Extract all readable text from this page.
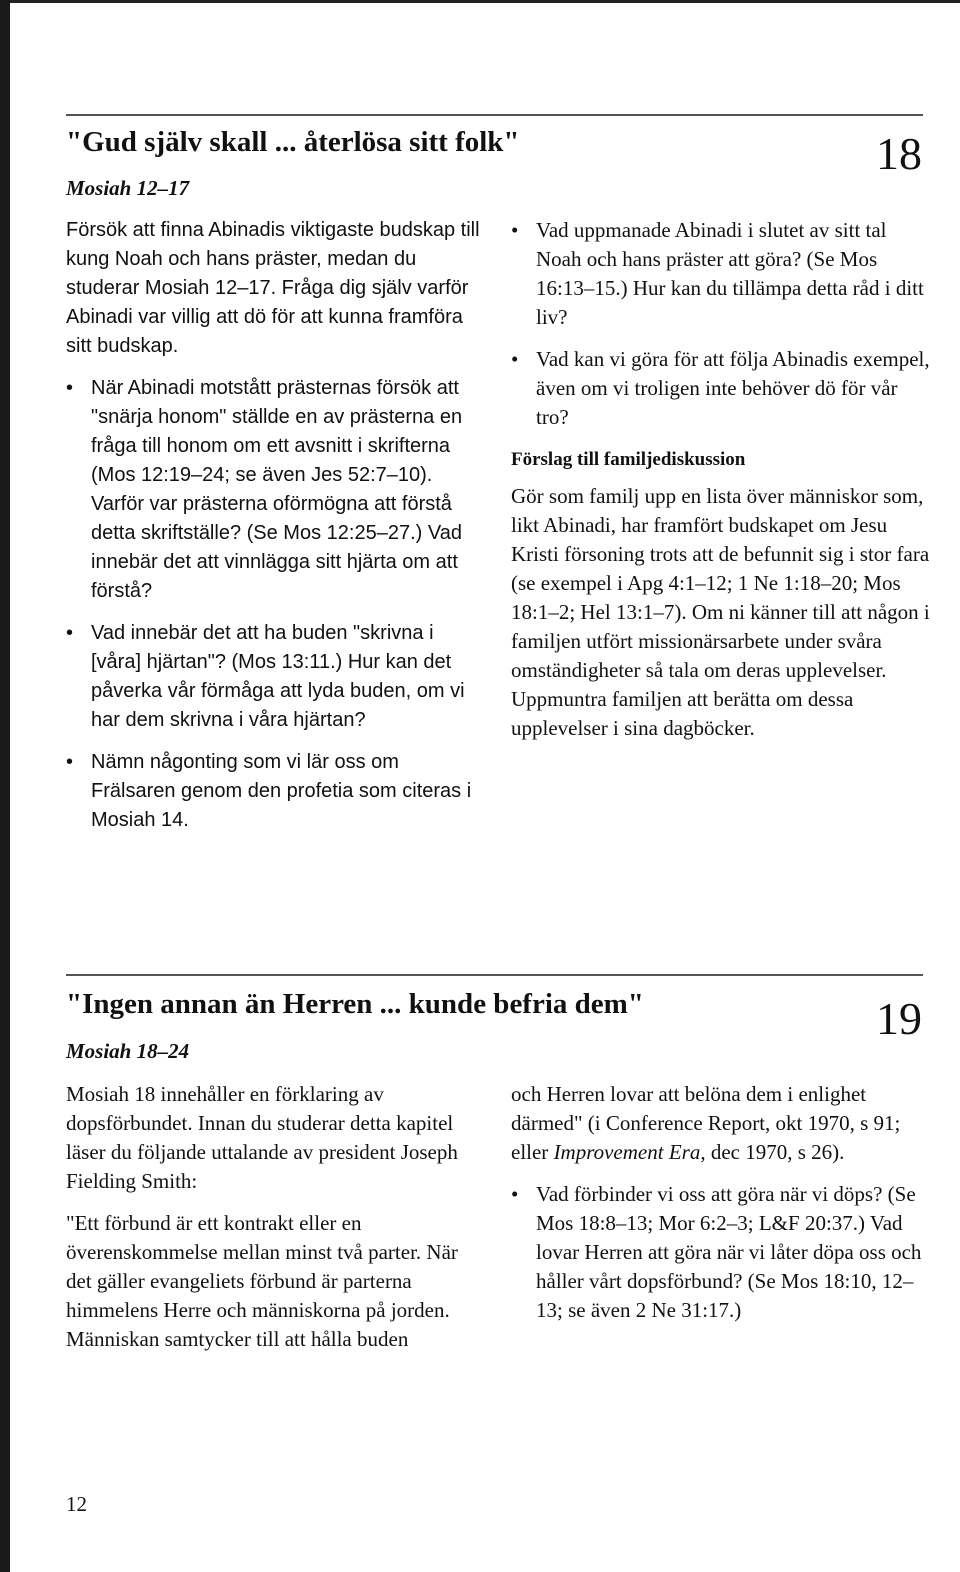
"Gud själv skall ... återlösa sitt folk"	18
Mosiah 12–17

Försök att finna Abinadis viktigaste budskap till kung Noah och hans präster, medan du studerar Mosiah 12–17. Fråga dig själv varför Abinadi var villig att dö för att kunna framföra sitt budskap.

• När Abinadi motstått prästernas försök att "snärja honom" ställde en av prästerna en fråga till honom om ett avsnitt i skrifterna (Mos 12:19–24; se även Jes 52:7–10). Varför var prästerna oförmögna att förstå detta skriftställe? (Se Mos 12:25–27.) Vad innebär det att vinnlägga sitt hjärta om att förstå?

• Vad innebär det att ha buden "skrivna i [våra] hjärtan"? (Mos 13:11.) Hur kan det påverka vår förmåga att lyda buden, om vi har dem skrivna i våra hjärtan?

• Nämn någonting som vi lär oss om Frälsaren genom den profetia som citeras i Mosiah 14.

• Vad uppmanade Abinadi i slutet av sitt tal Noah och hans präster att göra? (Se Mos 16:13–15.) Hur kan du tillämpa detta råd i ditt liv?

• Vad kan vi göra för att följa Abinadis exempel, även om vi troligen inte behöver dö för vår tro?

Förslag till familjediskussion

Gör som familj upp en lista över människor som, likt Abinadi, har framfört budskapet om Jesu Kristi försoning trots att de befunnit sig i stor fara (se exempel i Apg 4:1–12; 1 Ne 1:18–20; Mos 18:1–2; Hel 13:1–7). Om ni känner till att någon i familjen utfört missionärsarbete under svåra omständigheter så tala om deras upplevelser. Uppmuntra familjen att berätta om dessa upplevelser i sina dagböcker.

"Ingen annan än Herren ... kunde befria dem"	19
Mosiah 18–24

Mosiah 18 innehåller en förklaring av dopsförbundet. Innan du studerar detta kapitel läser du följande uttalande av president Joseph Fielding Smith:

"Ett förbund är ett kontrakt eller en överenskommelse mellan minst två parter. När det gäller evangeliets förbund är parterna himmelens Herre och människorna på jorden. Människan samtycker till att hålla buden

och Herren lovar att belöna dem i enlighet därmed" (i Conference Report, okt 1970, s 91; eller Improvement Era, dec 1970, s 26).

• Vad förbinder vi oss att göra när vi döps? (Se Mos 18:8–13; Mor 6:2–3; L&F 20:37.) Vad lovar Herren att göra när vi låter döpa oss och håller vårt dopsförbund? (Se Mos 18:10, 12–13; se även 2 Ne 31:17.)

12
